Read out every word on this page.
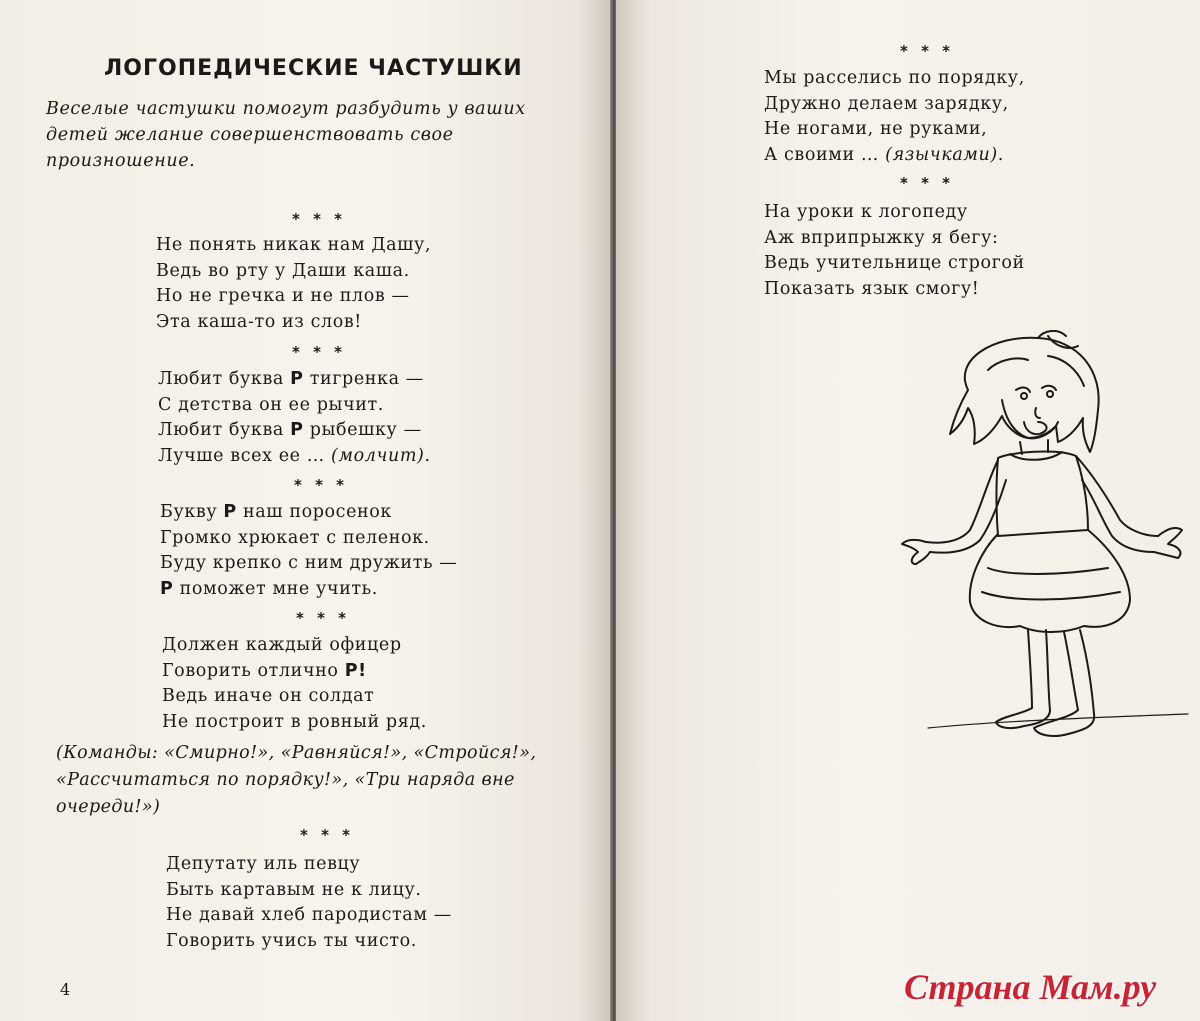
ЛОГОПЕДИЧЕСКИЕ ЧАСТУШКИ

Веселые частушки помогут разбудить у ваших детей желание совершенствовать свое произношение.

* * *
Не понять никак нам Дашу,
Ведь во рту у Даши каша.
Но не гречка и не плов —
Эта каша-то из слов!
* * *
Любит буква Р тигренка —
С детства он ее рычит.
Любит буква Р рыбешку —
Лучше всех ее … (молчит).
* * *
Букву Р наш поросенок
Громко хрюкает с пеленок.
Буду крепко с ним дружить —
Р поможет мне учить.
* * *
Должен каждый офицер
Говорить отлично Р!
Ведь иначе он солдат
Не построит в ровный ряд.

(Команды: «Смирно!», «Равняйся!», «Стройся!», «Рассчитаться по порядку!», «Три наряда вне очереди!»)

* * *
Депутату иль певцу
Быть картавым не к лицу.
Не давай хлеб пародистам —
Говорить учись ты чисто.
4
* * *
Мы расселись по порядку,
Дружно делаем зарядку,
Не ногами, не руками,
А своими … (язычками).
* * *
На уроки к логопеду
Аж вприпрыжку я бегу:
Ведь учительнице строгой
Показать язык смогу!
Страна Мам.ру
